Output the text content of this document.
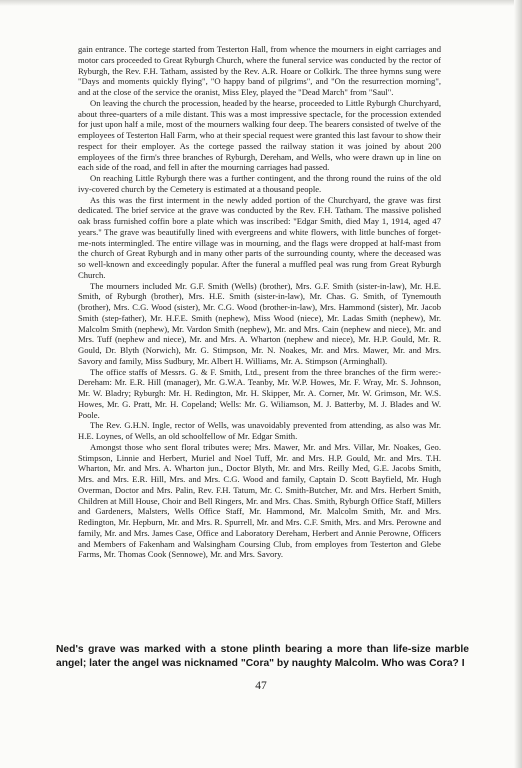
gain entrance. The cortege started from Testerton Hall, from whence the mourners in eight carriages and motor cars proceeded to Great Ryburgh Church, where the funeral service was conducted by the rector of Ryburgh, the Rev. F.H. Tatham, assisted by the Rev. A.R. Hoare or Colkirk. The three hymns sung were "Days and moments quickly flying", "O happy band of pilgrims", and "On the resurrection morning", and at the close of the service the oranist, Miss Eley, played the "Dead March" from "Saul".

On leaving the church the procession, headed by the hearse, proceeded to Little Ryburgh Churchyard, about three-quarters of a mile distant. This was a most impressive spectacle, for the procession extended for just upon half a mile, most of the mourners walking four deep. The bearers consisted of twelve of the employees of Testerton Hall Farm, who at their special request were granted this last favour to show their respect for their employer. As the cortege passed the railway station it was joined by about 200 employees of the firm's three branches of Ryburgh, Dereham, and Wells, who were drawn up in line on each side of the road, and fell in after the mourning carriages had passed.

On reaching Little Ryburgh there was a further contingent, and the throng round the ruins of the old ivy-covered church by the Cemetery is estimated at a thousand people.

As this was the first interment in the newly added portion of the Churchyard, the grave was first dedicated. The brief service at the grave was conducted by the Rev. F.H. Tatham. The massive polished oak brass furnished coffin bore a plate which was inscribed: "Edgar Smith, died May 1, 1914, aged 47 years." The grave was beautifully lined with evergreens and white flowers, with little bunches of forget-me-nots intermingled. The entire village was in mourning, and the flags were dropped at half-mast from the church of Great Ryburgh and in many other parts of the surrounding county, where the deceased was so well-known and exceedingly popular. After the funeral a muffled peal was rung from Great Ryburgh Church.

The mourners included Mr. G.F. Smith (Wells) (brother), Mrs. G.F. Smith (sister-in-law), Mr. H.E. Smith, of Ryburgh (brother), Mrs. H.E. Smith (sister-in-law), Mr. Chas. G. Smith, of Tynemouth (brother), Mrs. C.G. Wood (sister), Mr. C.G. Wood (brother-in-law), Mrs. Hammond (sister), Mr. Jacob Smith (step-father), Mr. H.F.E. Smith (nephew), Miss Wood (niece), Mr. Ladas Smith (nephew), Mr. Malcolm Smith (nephew), Mr. Vardon Smith (nephew), Mr. and Mrs. Cain (nephew and niece), Mr. and Mrs. Tuff (nephew and niece), Mr. and Mrs. A. Wharton (nephew and niece), Mr. H.P. Gould, Mr. R. Gould, Dr. Blyth (Norwich), Mr. G. Stimpson, Mr. N. Noakes, Mr. and Mrs. Mawer, Mr. and Mrs. Savory and family, Miss Sudbury, Mr. Albert H. Williams, Mr. A. Stimpson (Arminghall).

The office staffs of Messrs. G. & F. Smith, Ltd., present from the three branches of the firm were:- Dereham: Mr. E.R. Hill (manager), Mr. G.W.A. Teanby, Mr. W.P. Howes, Mr. F. Wray, Mr. S. Johnson, Mr. W. Bladry; Ryburgh: Mr. H. Redington, Mr. H. Skipper, Mr. A. Corner, Mr. W. Grimson, Mr. W.S. Howes, Mr. G. Pratt, Mr. H. Copeland; Wells: Mr. G. Wiliamson, M. J. Batterby, M. J. Blades and W. Poole.

The Rev. G.H.N. Ingle, rector of Wells, was unavoidably prevented from attending, as also was Mr. H.E. Loynes, of Wells, an old schoolfellow of Mr. Edgar Smith.

Amongst those who sent floral tributes were; Mrs. Mawer, Mr. and Mrs. Villar, Mr. Noakes, Geo. Stimpson, Linnie and Herbert, Muriel and Noel Tuff, Mr. and Mrs. H.P. Gould, Mr. and Mrs. T.H. Wharton, Mr. and Mrs. A. Wharton jun., Doctor Blyth, Mr. and Mrs. Reilly Med, G.E. Jacobs Smith, Mrs. and Mrs. E.R. Hill, Mrs. and Mrs. C.G. Wood and family, Captain D. Scott Bayfield, Mr. Hugh Overman, Doctor and Mrs. Palin, Rev. F.H. Tatum, Mr. C. Smith-Butcher, Mr. and Mrs. Herbert Smith, Children at Mill House, Choir and Bell Ringers, Mr. and Mrs. Chas. Smith, Ryburgh Office Staff, Millers and Gardeners, Malsters, Wells Office Staff, Mr. Hammond, Mr. Malcolm Smith, Mr. and Mrs. Redington, Mr. Hepburn, Mr. and Mrs. R. Spurrell, Mr. and Mrs. C.F. Smith, Mrs. and Mrs. Perowne and family, Mr. and Mrs. James Case, Office and Laboratory Dereham, Herbert and Annie Perowne, Officers and Members of Fakenham and Walsingham Coursing Club, from employes from Testerton and Glebe Farms, Mr. Thomas Cook (Sennowe), Mr. and Mrs. Savory.

Ned's grave was marked with a stone plinth bearing a more than life-size marble angel; later the angel was nicknamed "Cora" by naughty Malcolm. Who was Cora? I
47
